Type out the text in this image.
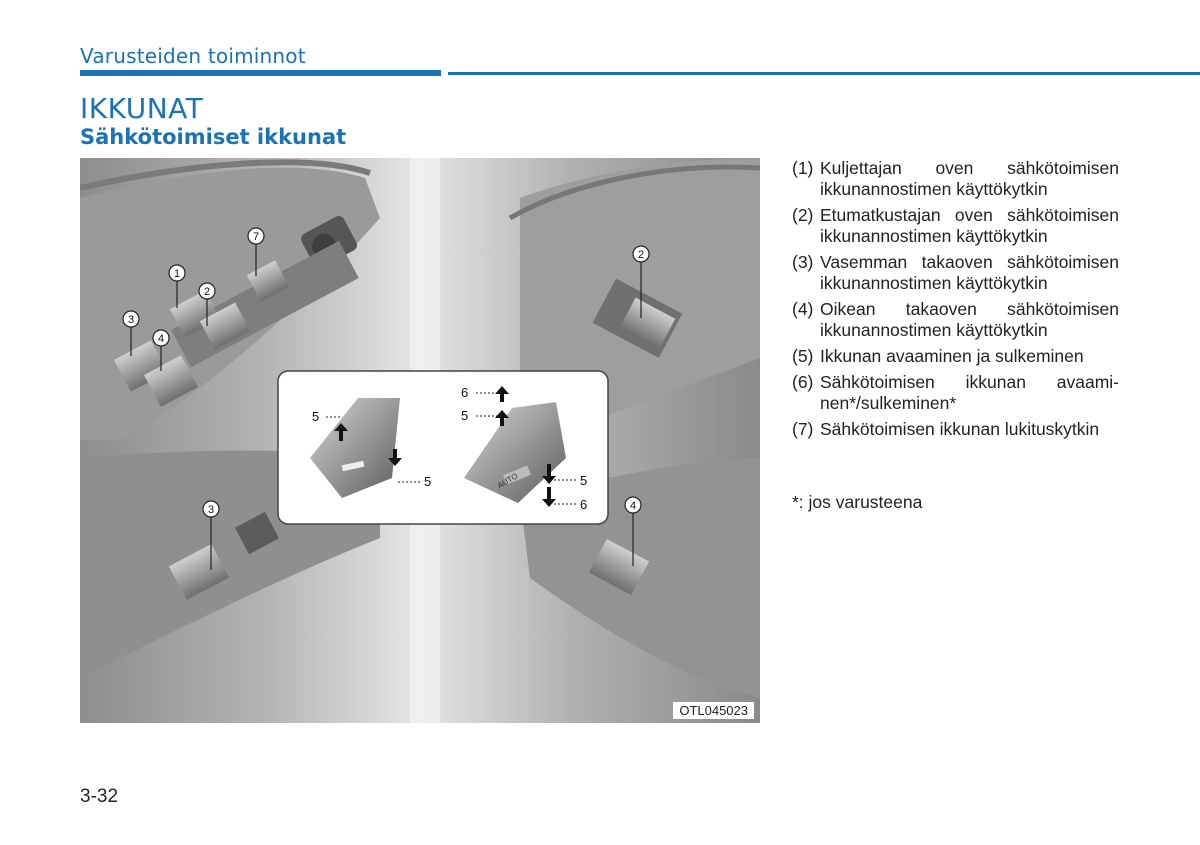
Varusteiden toiminnot
IKKUNAT
Sähkötoimiset ikkunat
1
2
3
4
7
2
3	4
5
5
6
5
5
6
AUTO
OTL045023
(1) Kuljettajan oven sähkötoimisen ikkunannostimen käyttökytkin
(2) Etumatkustajan oven sähkötoimisen ikkunannostimen käyttökytkin
(3) Vasemman takaoven sähkötoimisen ikkunannostimen käyttökytkin
(4) Oikean takaoven sähkötoimisen ikkunannostimen käyttökytkin
(5) Ikkunan avaaminen ja sulkeminen
(6) Sähkötoimisen ikkunan avaaminen*/sulkeminen*
(7) Sähkötoimisen ikkunan lukituskytkin
*: jos varusteena
3-32
